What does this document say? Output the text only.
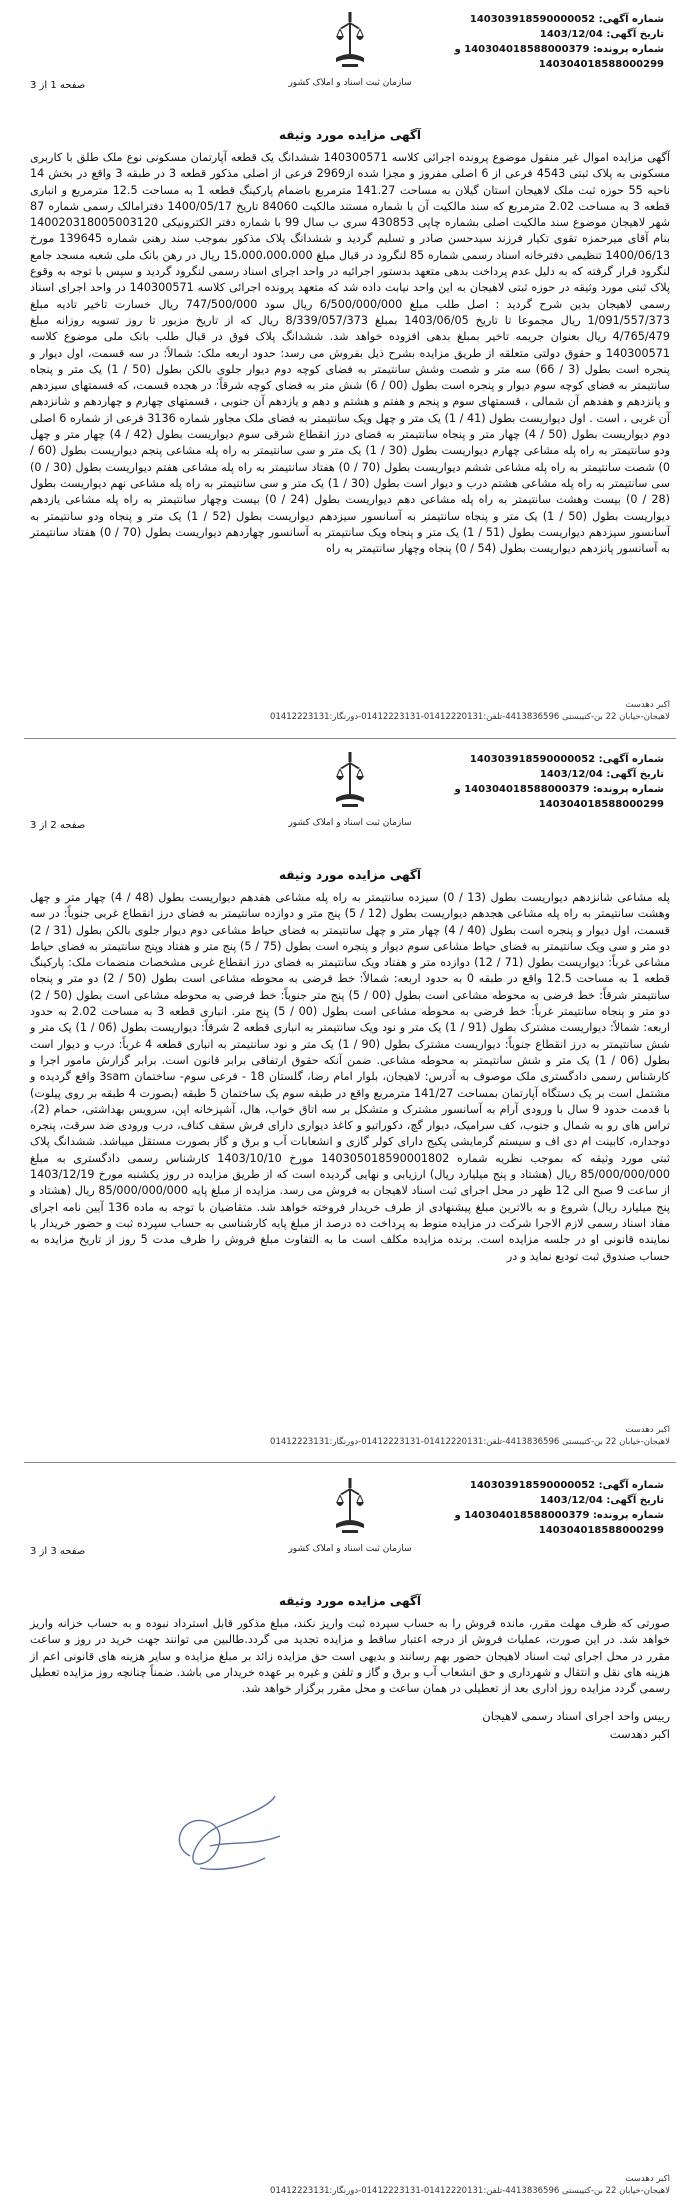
شماره آگهی: 140303918590000052
تاریخ آگهی: 1403/12/04
شماره پرونده: 140304018588000379 و
140304018588000299
سازمان ثبت اسناد و املاک کشور
صفحه 1 از 3
آگهی مزایده مورد وثیقه

آگهی مزایده اموال غیر منقول موضوع پرونده اجرائی کلاسه 140300571 ششدانگ یک قطعه آپارتمان مسکونی نوع ملک طلق با کاربری مسکونی به پلاک ثبتی 4543 فرعی از 6 اصلی مفروز و مجزا شده از2969 فرعی از اصلی مذکور قطعه 3 در طبقه 3 واقع در بخش 14 ناحیه 55 حوزه ثبت ملک لاهیجان استان گیلان به مساحت 141.27 مترمربع باضمام پارکینگ قطعه 1 به مساحت 12.5 مترمربع و انباری قطعه 3 به مساحت 2.02 مترمربع که سند مالکیت آن با شماره مستند مالکیت 84060 تاریخ 1400/05/17 دفترامالک رسمی شماره 87 شهر لاهیجان موضوع سند مالکیت اصلی بشماره چاپی 430853 سری ب سال 99 با شماره دفتر الکترونیکی 140020318005003120 بنام آقای میرحمزه تقوی تکیار فرزند سیدحسن صادر و تسلیم گردید و ششدانگ پلاک مذکور بموجب سند رهنی شماره 139645 مورخ 1400/06/13 تنظیمی دفترخانه اسناد رسمی شماره 85 لنگرود در قبال مبلغ 15،000،000،000 ریال در رهن بانک ملی شعبه مسجد جامع لنگرود قرار گرفته که به دلیل عدم پرداخت بدهی متعهد بدستور اجرائیه در واحد اجرای اسناد رسمی لنگرود گردید و سپس با توجه به وقوع پلاک ثبتی مورد وثیقه در حوزه ثبتی لاهیجان به این واحد نیابت داده شد که متعهد پرونده اجرائی کلاسه 140300571 در واحد اجرای اسناد رسمی لاهیجان بدین شرح گردید : اصل طلب مبلغ 6/500/000/000 ریال سود 747/500/000 ریال خسارت تاخیر تادیه مبلغ 1/091/557/373 ریال مجموعا تا تاریخ 1403/06/05 بمبلغ 8/339/057/373 ریال که از تاریخ مزبور تا روز تسویه روزانه مبلغ 4/765/479 ریال بعنوان جریمه تاخیر بمبلغ بدهی افزوده خواهد شد. ششدانگ پلاک فوق در قبال طلب بانک ملی موضوع کلاسه 140300571 و حقوق دولتی متعلقه از طریق مزایده بشرح ذیل بفروش می رسد: حدود اربعه ملک: شمالاً: در سه قسمت، اول دیوار و پنجره است بطول (3 / 66) سه متر و شصت وشش سانتیمتر به فضای کوچه دوم دیوار جلوی بالکن بطول (50 / 1) یک متر و پنجاه سانتیمتر به فضای کوچه سوم دیوار و پنجره است بطول (00 / 6) شش متر به فضای کوچه شرقاً: در هجده قسمت، که قسمتهای سیزدهم و پانزدهم و هفدهم آن شمالی ، قسمتهای سوم و پنجم و هفتم و هشتم و دهم و یازدهم آن جنوبی ، قسمتهای چهارم و چهاردهم و شانزدهم آن غربی ، است . اول دیواریست بطول (41 / 1) یک متر و چهل ویک سانتیمتر به فضای ملک مجاور شماره 3136 فرعی از شماره 6 اصلی دوم دیواریست بطول (50 / 4) چهار متر و پنجاه سانتیمتر به فضای درز انقطاع شرقی سوم دیواریست بطول (42 / 4) چهار متر و چهل ودو سانتیمتر به راه پله مشاعی چهارم دیواریست بطول (30 / 1) یک متر و سی سانتیمتر به راه پله مشاعی پنجم دیواریست بطول (60 / 0) شصت سانتیمتر به راه پله مشاعی ششم دیواریست بطول (70 / 0) هفتاد سانتیمتر به راه پله مشاعی هفتم دیواریست بطول (30 / 0) سی سانتیمتر به راه پله مشاعی هشتم درب و دیوار است بطول (30 / 1) یک متر و سی سانتیمتر به راه پله مشاعی نهم دیواریست بطول (28 / 0) بیست وهشت سانتیمتر به راه پله مشاعی دهم دیواریست بطول (24 / 0) بیست وچهار سانتیمتر به راه پله مشاعی یازدهم دیواریست بطول (50 / 1) یک متر و پنجاه سانتیمتر به آسانسور سیزدهم دیواریست بطول (52 / 1) یک متر و پنجاه ودو سانتیمتر به آسانسور سیزدهم دیواریست بطول (51 / 1) یک متر و پنجاه ویک سانتیمتر به آسانسور چهاردهم دیواریست بطول (70 / 0) هفتاد سانتیمتر به آسانسور پانزدهم دیواریست بطول (54 / 0) پنجاه وچهار سانتیمتر به راه

اکبر دهدست
لاهیجان-خیابان 22 بن-کتیبستی 4413836596-تلفن:01412220131-01412223131-دورنگار:01412223131
شماره آگهی: 140303918590000052
تاریخ آگهی: 1403/12/04
شماره پرونده: 140304018588000379 و
140304018588000299
سازمان ثبت اسناد و املاک کشور
صفحه 2 از 3
آگهی مزایده مورد وثیقه

پله مشاعی شانزدهم دیواریست بطول (13 / 0) سیزده سانتیمتر به راه پله مشاعی هفدهم دیواریست بطول (48 / 4) چهار متر و چهل وهشت سانتیمتر به راه پله مشاعی هجدهم دیواریست بطول (12 / 5) پنج متر و دوازده سانتیمتر به فضای درز انقطاع غربی جنوباً: در سه قسمت، اول دیوار و پنجره است بطول (40 / 4) چهار متر و چهل سانتیمتر به فضای حیاط مشاعی دوم دیوار جلوی بالکن بطول (31 / 2) دو متر و سی ویک سانتیمتر به فضای حیاط مشاعی سوم دیوار و پنجره است بطول (75 / 5) پنج متر و هفتاد وپنج سانتیمتر به فضای حیاط مشاعی غرباً: دیواریست بطول (71 / 12) دوازده متر و هفتاد ویک سانتیمتر به فضای درز انقطاع غربی مشخصات منضمات ملک: پارکینگ قطعه 1 به مساحت 12.5 واقع در طبقه 0 به حدود اربعه: شمالاً: خط فرضی به محوطه مشاعی است بطول (50 / 2) دو متر و پنجاه سانتیمتر شرقاً: خط فرضی به محوطه مشاعی است بطول (00 / 5) پنج متر جنوباً: خط فرضی به محوطه مشاعی است بطول (50 / 2) دو متر و پنجاه سانتیمتر غرباً: خط فرضی به محوطه مشاعی است بطول (00 / 5) پنج متر. انباری قطعه 3 به مساحت 2.02 به حدود اربعه: شمالاً: دیواریست مشترک بطول (91 / 1) یک متر و نود ویک سانتیمتر به انباری قطعه 2 شرقاً: دیواریست بطول (06 / 1) یک متر و شش سانتیمتر به درز انقطاع جنوباً: دیواریست مشترک بطول (90 / 1) یک متر و نود سانتیمتر به انباری قطعه 4 غرباً: درب و دیوار است بطول (06 / 1) یک متر و شش سانتیمتر به محوطه مشاعی. ضمن آنکه حقوق ارتفاقی برابر قانون است. برابر گزارش مامور اجرا و کارشناس رسمی دادگستری ملک موصوف به آدرس: لاهیجان، بلوار امام رضا، گلستان 18 - فرعی سوم- ساختمان 3sam واقع گردیده و مشتمل است بر یک دستگاه آپارتمان بمساحت 141/27 مترمربع واقع در طبقه سوم یک ساختمان 5 طبقه (بصورت 4 طبقه بر روی پیلوت) با قدمت حدود 9 سال با ورودی آرام به آسانسور مشترک و متشکل بر سه اتاق خواب، هال، آشپزخانه اپن، سرویس بهداشتی، حمام (2)، تراس های رو به شمال و جنوب، کف سرامیک، دیوار گچ، دکوراتیو و کاغذ دیواری دارای فرش سقف کناف، درب ورودی ضد سرقت، پنجره دوجداره، کابینت ام دی اف و سیستم گرمایشی پکیج دارای کولر گازی و انشعابات آب و برق و گاز بصورت مستقل میباشد. ششدانگ پلاک ثبتی مورد وثیقه که بموجب نظریه شماره 140305018590001802 مورخ 1403/10/10 کارشناس رسمی دادگستری به مبلغ 85/000/000/000 ریال (هشتاد و پنج میلیارد ریال) ارزیابی و نهایی گردیده است که از طریق مزایده در روز یکشنبه مورخ 1403/12/19 از ساعت 9 صبح الی 12 ظهر در محل اجرای ثبت اسناد لاهیجان به فروش می رسد. مزایده از مبلغ پایه 85/000/000/000 ریال (هشتاد و پنج میلیارد ریال) شروع و به بالاترین مبلغ پیشنهادی از طرف خریدار فروخته خواهد شد. متقاضیان با توجه به ماده 136 آیین نامه اجرای مفاد اسناد رسمی لازم الاجرا شرکت در مزایده منوط به پرداخت ده درصد از مبلغ پایه کارشناسی به حساب سپرده ثبت و حضور خریدار یا نماینده قانونی او در جلسه مزایده است. برنده مزایده مکلف است ما به التفاوت مبلغ فروش را ظرف مدت 5 روز از تاریخ مزایده به حساب صندوق ثبت تودیع نماید و در

اکبر دهدست
لاهیجان-خیابان 22 بن-کتیبستی 4413836596-تلفن:01412220131-01412223131-دورنگار:01412223131
شماره آگهی: 140303918590000052
تاریخ آگهی: 1403/12/04
شماره پرونده: 140304018588000379 و
140304018588000299
سازمان ثبت اسناد و املاک کشور
صفحه 3 از 3
آگهی مزایده مورد وثیقه

صورتی که ظرف مهلت مقرر، مانده فروش را به حساب سپرده ثبت واریز نکند، مبلغ مذکور قابل استرداد نبوده و به حساب خزانه واریز خواهد شد. در این صورت، عملیات فروش از درجه اعتبار ساقط و مزایده تجدید می گردد.طالبین می توانند جهت خرید در روز و ساعت مقرر در محل اجرای ثبت اسناد لاهیجان حضور بهم رسانند و بدیهی است حق مزایده زائد بر مبلغ مزایده و سایر هزینه های قانونی اعم از هزینه های نقل و انتقال و شهرداری و حق انشعاب آب و برق و گاز و تلفن و غیره بر عهده خریدار می باشد. ضمناً چنانچه روز مزایده تعطیل رسمی گردد مزایده روز اداری بعد از تعطیلی در همان ساعت و محل مقرر برگزار خواهد شد.

رییس واحد اجرای اسناد رسمی لاهیجان
اکبر دهدست
اکبر دهدست
لاهیجان-خیابان 22 بن-کتیبستی 4413836596-تلفن:01412220131-01412223131-دورنگار:01412223131
